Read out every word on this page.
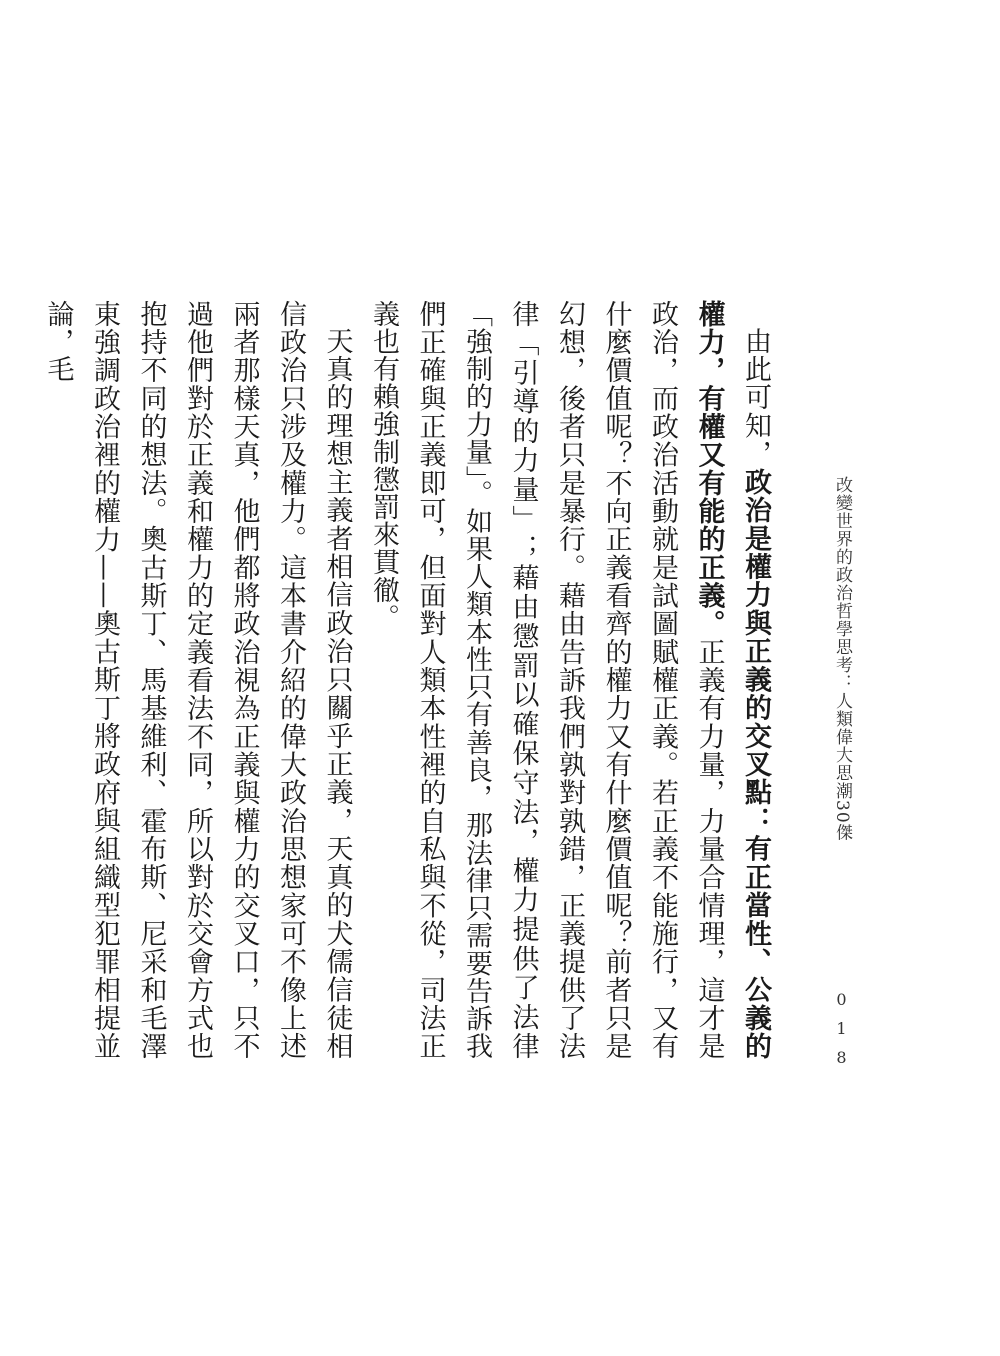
改變世界的政治哲學思考：人類偉大思潮30傑
018

由此可知，政治是權力與正義的交叉點：有正當性、公義的權力，有權又有能的正義。正義有力量，力量合情理，這才是政治，而政治活動就是試圖賦權正義。若正義不能施行，又有什麼價值呢？不向正義看齊的權力又有什麼價值呢？前者只是幻想，後者只是暴行。藉由告訴我們孰對孰錯，正義提供了法律「引導的力量」；藉由懲罰以確保守法，權力提供了法律「強制的力量」。如果人類本性只有善良，那法律只需要告訴我們正確與正義即可，但面對人類本性裡的自私與不從，司法正義也有賴強制懲罰來貫徹。

天真的理想主義者相信政治只關乎正義，天真的犬儒信徒相信政治只涉及權力。這本書介紹的偉大政治思想家可不像上述兩者那樣天真，他們都將政治視為正義與權力的交叉口，只不過他們對於正義和權力的定義看法不同，所以對於交會方式也抱持不同的想法。奧古斯丁、馬基維利、霍布斯、尼采和毛澤東強調政治裡的權力——奧古斯丁將政府與組織型犯罪相提並論，毛
